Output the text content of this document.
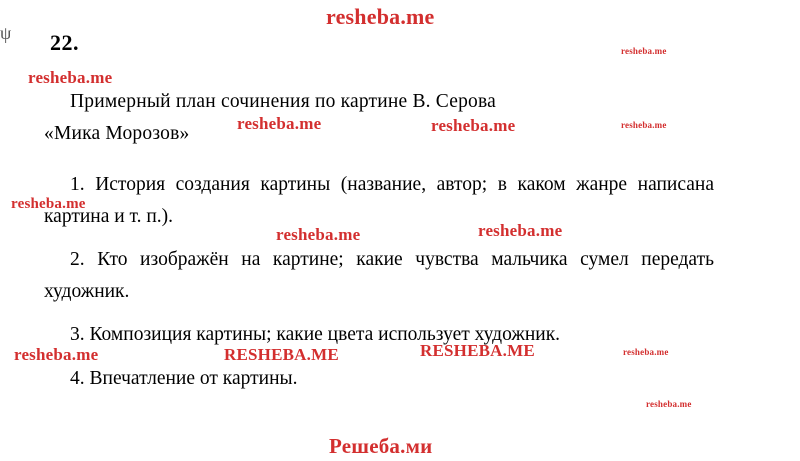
ψ 22.

Примерный план сочинения по картине В. Серова
«Мика Морозов»

1. История создания картины (название, автор; в каком жанре написана картина и т. п.).

2. Кто изображён на картине; какие чувства мальчика сумел передать художник.

3. Композиция картины; какие цвета использует художник.

4. Впечатление от картины.

resheba.me
resheba.me
resheba.me
resheba.me	resheba.me	resheba.me
resheba.me
resheba.me	resheba.me
resheba.me	RESHEBA.ME	RESHEBA.ME	resheba.me
resheba.me
Решеба.ми
